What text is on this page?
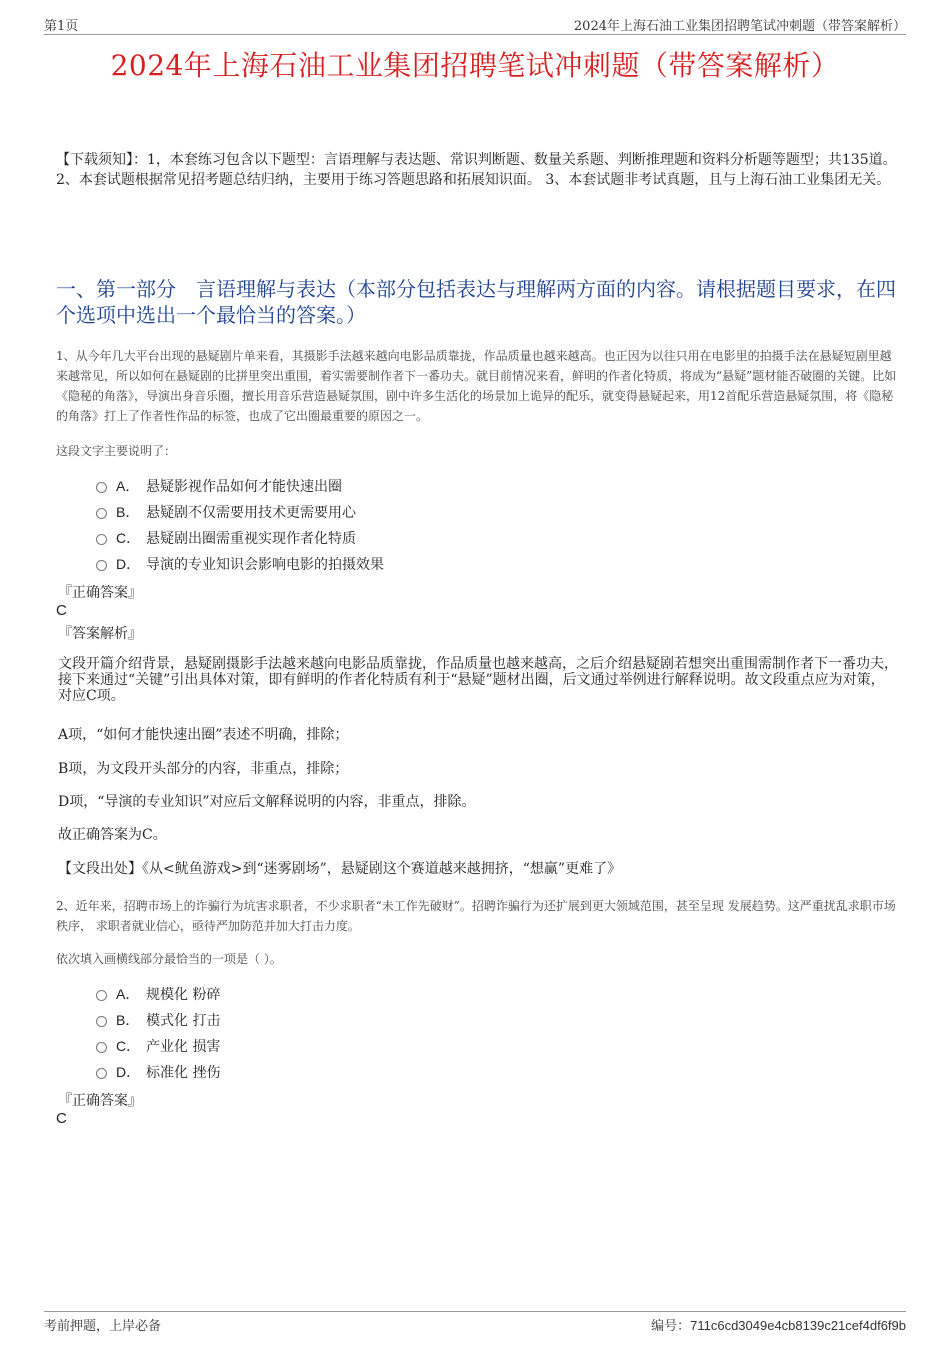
第1页	2024年上海石油工业集团招聘笔试冲刺题（带答案解析）
2024年上海石油工业集团招聘笔试冲刺题（带答案解析）
【下载须知】：1，本套练习包含以下题型：言语理解与表达题、常识判断题、数量关系题、判断推理题和资料分析题等题型；共135道。 2、本套试题根据常见招考题总结归纳，主要用于练习答题思路和拓展知识面。 3、本套试题非考试真题，且与上海石油工业集团无关。
一、第一部分　言语理解与表达（本部分包括表达与理解两方面的内容。请根据题目要求，在四个选项中选出一个最恰当的答案。）
1、从今年几大平台出现的悬疑剧片单来看，其摄影手法越来越向电影品质靠拢，作品质量也越来越高。也正因为以往只用在电影里的拍摄手法在悬疑短剧里越来越常见，所以如何在悬疑剧的比拼里突出重围，着实需要制作者下一番功夫。就目前情况来看，鲜明的作者化特质，将成为“悬疑”题材能否破圈的关键。比如《隐秘的角落》，导演出身音乐圈，擅长用音乐营造悬疑氛围，剧中许多生活化的场景加上诡异的配乐，就变得悬疑起来，用12首配乐营造悬疑氛围，将《隐秘的角落》打上了作者性作品的标签，也成了它出圈最重要的原因之一。
这段文字主要说明了：
A． 悬疑影视作品如何才能快速出圈
B． 悬疑剧不仅需要用技术更需要用心
C． 悬疑剧出圈需重视实现作者化特质
D． 导演的专业知识会影响电影的拍摄效果
『正确答案』
C
『答案解析』
文段开篇介绍背景，悬疑剧摄影手法越来越向电影品质靠拢，作品质量也越来越高，之后介绍悬疑剧若想突出重围需制作者下一番功夫，接下来通过“关键”引出具体对策，即有鲜明的作者化特质有利于“悬疑”题材出圈，后文通过举例进行解释说明。故文段重点应为对策，对应C项。
A项，“如何才能快速出圈”表述不明确，排除；
B项，为文段开头部分的内容，非重点，排除；
D项，“导演的专业知识”对应后文解释说明的内容，非重点，排除。
故正确答案为C。
【文段出处】《从<鱿鱼游戏>到“迷雾剧场”，悬疑剧这个赛道越来越拥挤，“想赢”更难了》
2、近年来，招聘市场上的诈骗行为坑害求职者，不少求职者“未工作先破财”。招聘诈骗行为还扩展到更大领域范围，甚至呈现 发展趋势。这严重扰乱求职市场秩序， 求职者就业信心，亟待严加防范并加大打击力度。
依次填入画横线部分最恰当的一项是（ ）。
A． 规模化 粉碎
B． 模式化 打击
C． 产业化 损害
D． 标准化 挫伤
『正确答案』
C
考前押题，上岸必备	编号：711c6cd3049e4cb8139c21cef4df6f9b
